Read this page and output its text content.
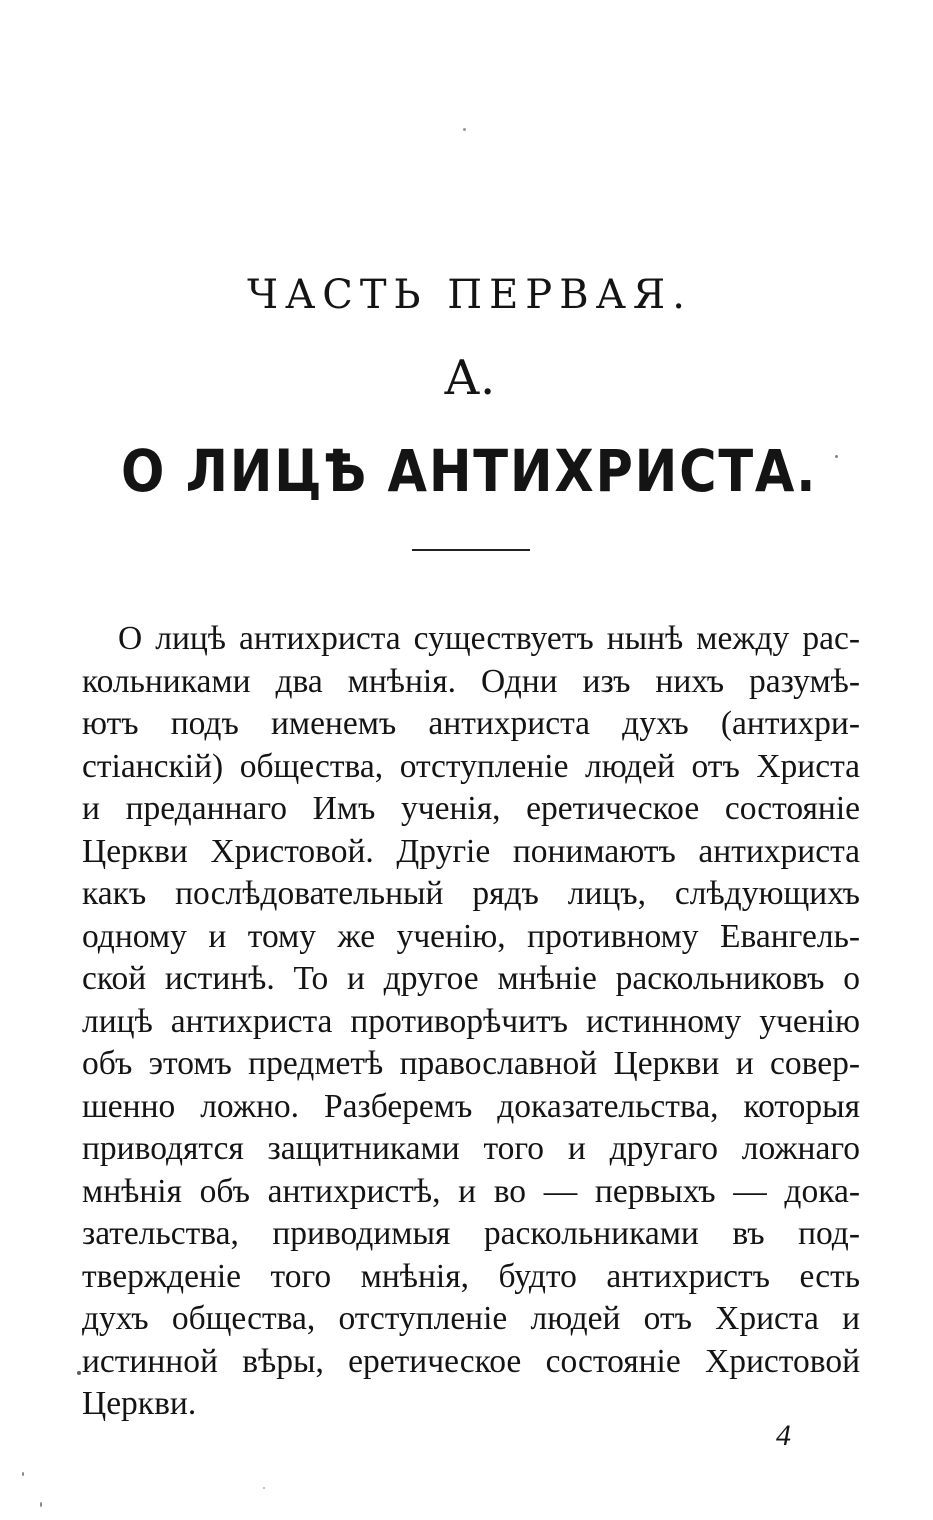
ЧАСТЬ ПЕРВАЯ.
А.
О ЛИЦѢ АНТИХРИСТА.
О лицѣ антихриста существуетъ нынѣ между рас-
кольниками два мнѣнія. Одни изъ нихъ разумѣ-
ютъ подъ именемъ антихриста духъ (антихри-
стіанскій) общества, отступленіе людей отъ Христа
и преданнаго Имъ ученія, еретическое состояніе
Церкви Христовой. Другіе понимаютъ антихриста
какъ послѣдовательный рядъ лицъ, слѣдующихъ
одному и тому же ученію, противному Евангель-
ской истинѣ. То и другое мнѣніе раскольниковъ о
лицѣ антихриста противорѣчитъ истинному ученію
объ этомъ предметѣ православной Церкви и совер-
шенно ложно. Разберемъ доказательства, которыя
приводятся защитниками того и другаго ложнаго
мнѣнія объ антихристѣ, и во — первыхъ — дока-
зательства, приводимыя раскольниками въ под-
твержденіе того мнѣнія, будто антихристъ есть
духъ общества, отступленіе людей отъ Христа и
истинной вѣры, еретическое состояніе Христовой
Церкви.
4
